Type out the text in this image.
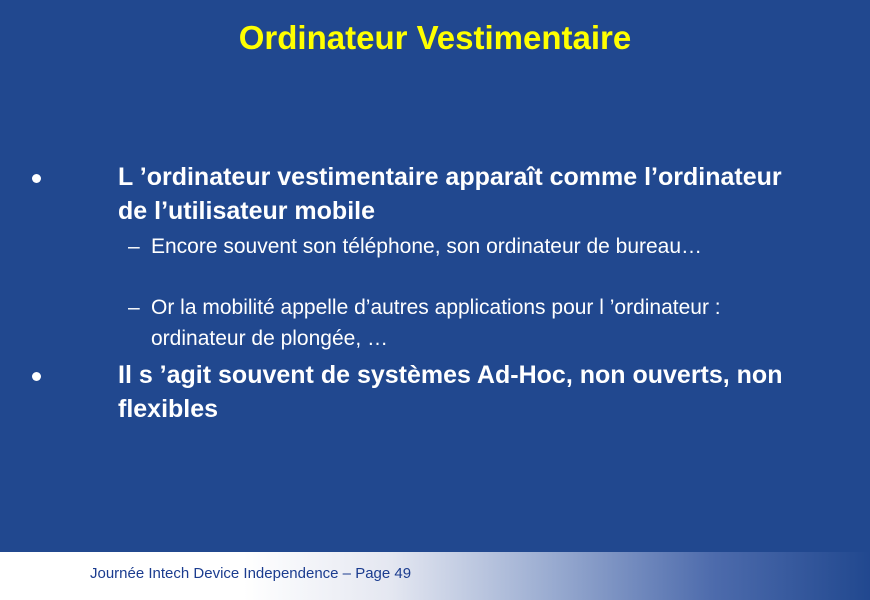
Ordinateur Vestimentaire
L ’ordinateur vestimentaire apparaît comme l’ordinateur de l’utilisateur mobile
– Encore souvent son téléphone, son ordinateur de bureau…
– Or la mobilité appelle d’autres applications pour l ’ordinateur : ordinateur de plongée, …
Il s ’agit souvent de systèmes Ad-Hoc, non ouverts, non flexibles
Journée Intech Device Independence – Page 49
